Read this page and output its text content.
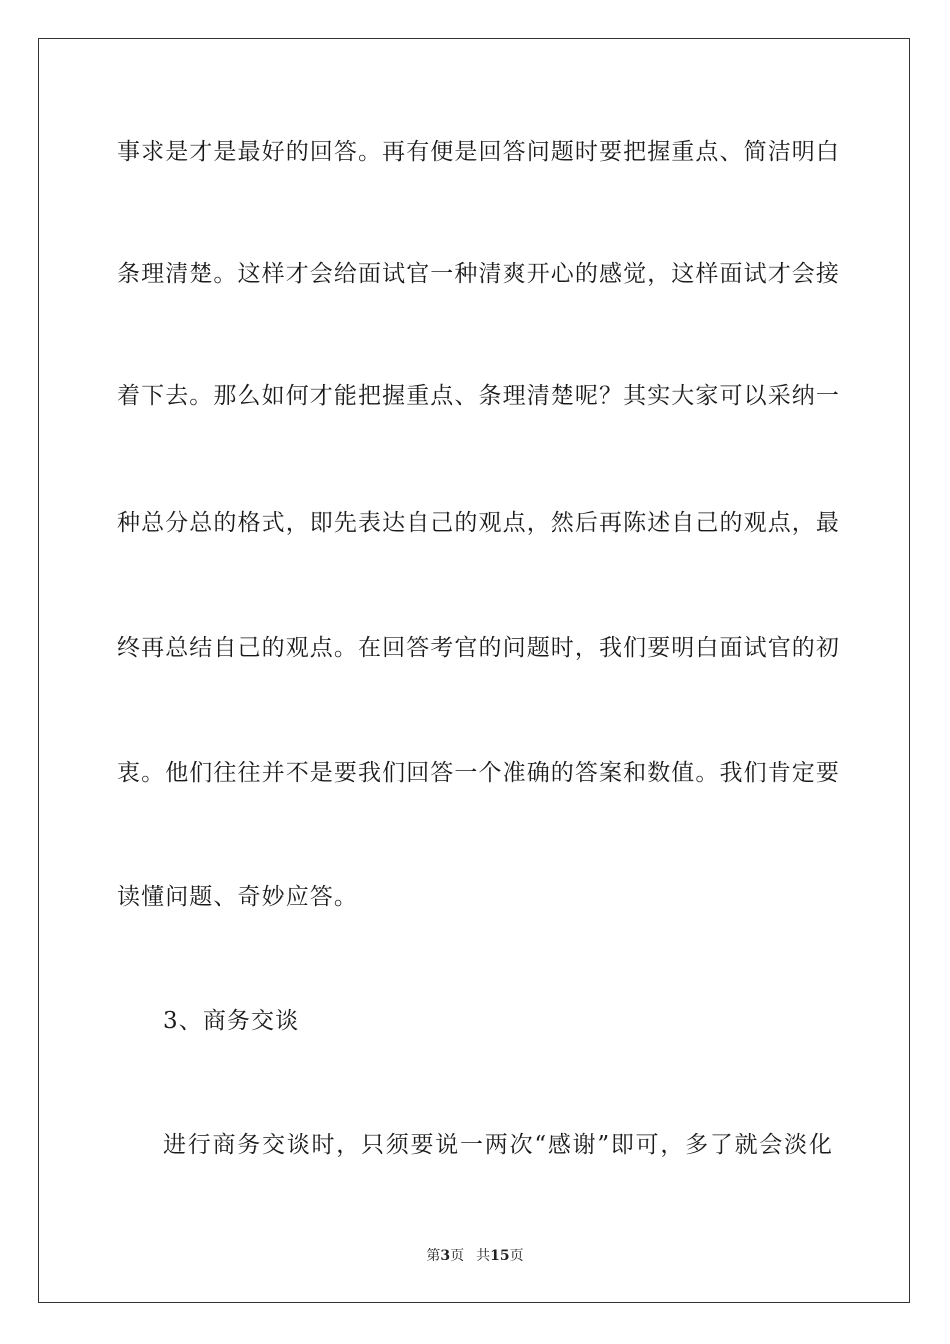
事求是才是最好的回答。再有便是回答问题时要把握重点、简洁明白
条理清楚。这样才会给面试官一种清爽开心的感觉，这样面试才会接
着下去。那么如何才能把握重点、条理清楚呢？其实大家可以采纳一
种总分总的格式，即先表达自己的观点，然后再陈述自己的观点，最
终再总结自己的观点。在回答考官的问题时，我们要明白面试官的初
衷。他们往往并不是要我们回答一个准确的答案和数值。我们肯定要
读懂问题、奇妙应答。
3、商务交谈
进行商务交谈时，只须要说一两次“感谢”即可，多了就会淡化
第3页 共15页
